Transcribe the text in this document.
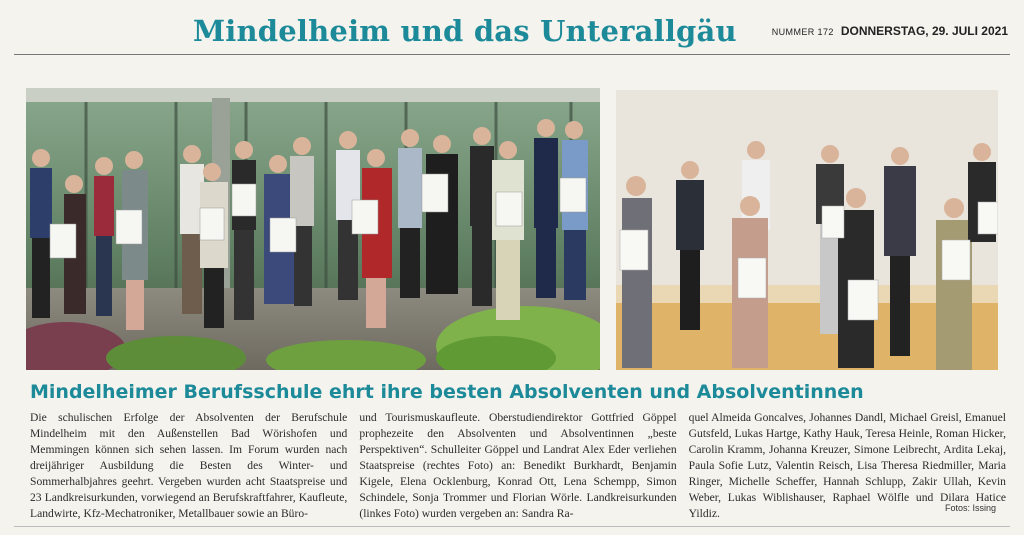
Mindelheim und das Unterallgäu	NUMMER 172 DONNERSTAG, 29. JULI 2021
Mindelheimer Berufsschule ehrt ihre besten Absolventen und Absolventinnen
Die schulischen Erfolge der Absolventen der Berufschule Mindelheim mit den Außenstellen Bad Wörishofen und Memmingen können sich sehen lassen. Im Forum wurden nach dreijähriger Ausbildung die Besten des Winter- und Sommerhalbjahres geehrt. Vergeben wurden acht Staatspreise und 23 Landkreisurkunden, vorwiegend an Berufskraftfahrer, Kaufleute, Landwirte, Kfz-Mechatroniker, Metallbauer sowie an Büro-
und Tourismuskaufleute. Oberstudiendirektor Gottfried Göppel prophezeite den Absolventen und Absolventinnen „beste Perspektiven“. Schulleiter Göppel und Landrat Alex Eder verliehen Staatspreise (rechtes Foto) an: Benedikt Burkhardt, Benjamin Kigele, Elena Ocklenburg, Konrad Ott, Lena Schempp, Simon Schindele, Sonja Trommer und Florian Wörle. Landkreisurkunden (linkes Foto) wurden vergeben an: Sandra Ra-
quel Almeida Goncalves, Johannes Dandl, Michael Greisl, Emanuel Gutsfeld, Lukas Hartge, Kathy Hauk, Teresa Heinle, Roman Hicker, Carolin Kramm, Johanna Kreuzer, Simone Leibrecht, Ardita Lekaj, Paula Sofie Lutz, Valentin Reisch, Lisa Theresa Riedmiller, Maria Ringer, Michelle Scheffer, Hannah Schlupp, Zakir Ullah, Kevin Weber, Lukas Wiblishauser, Raphael Wölfle und Dilara Hatice Yildiz.	Fotos: Issing
